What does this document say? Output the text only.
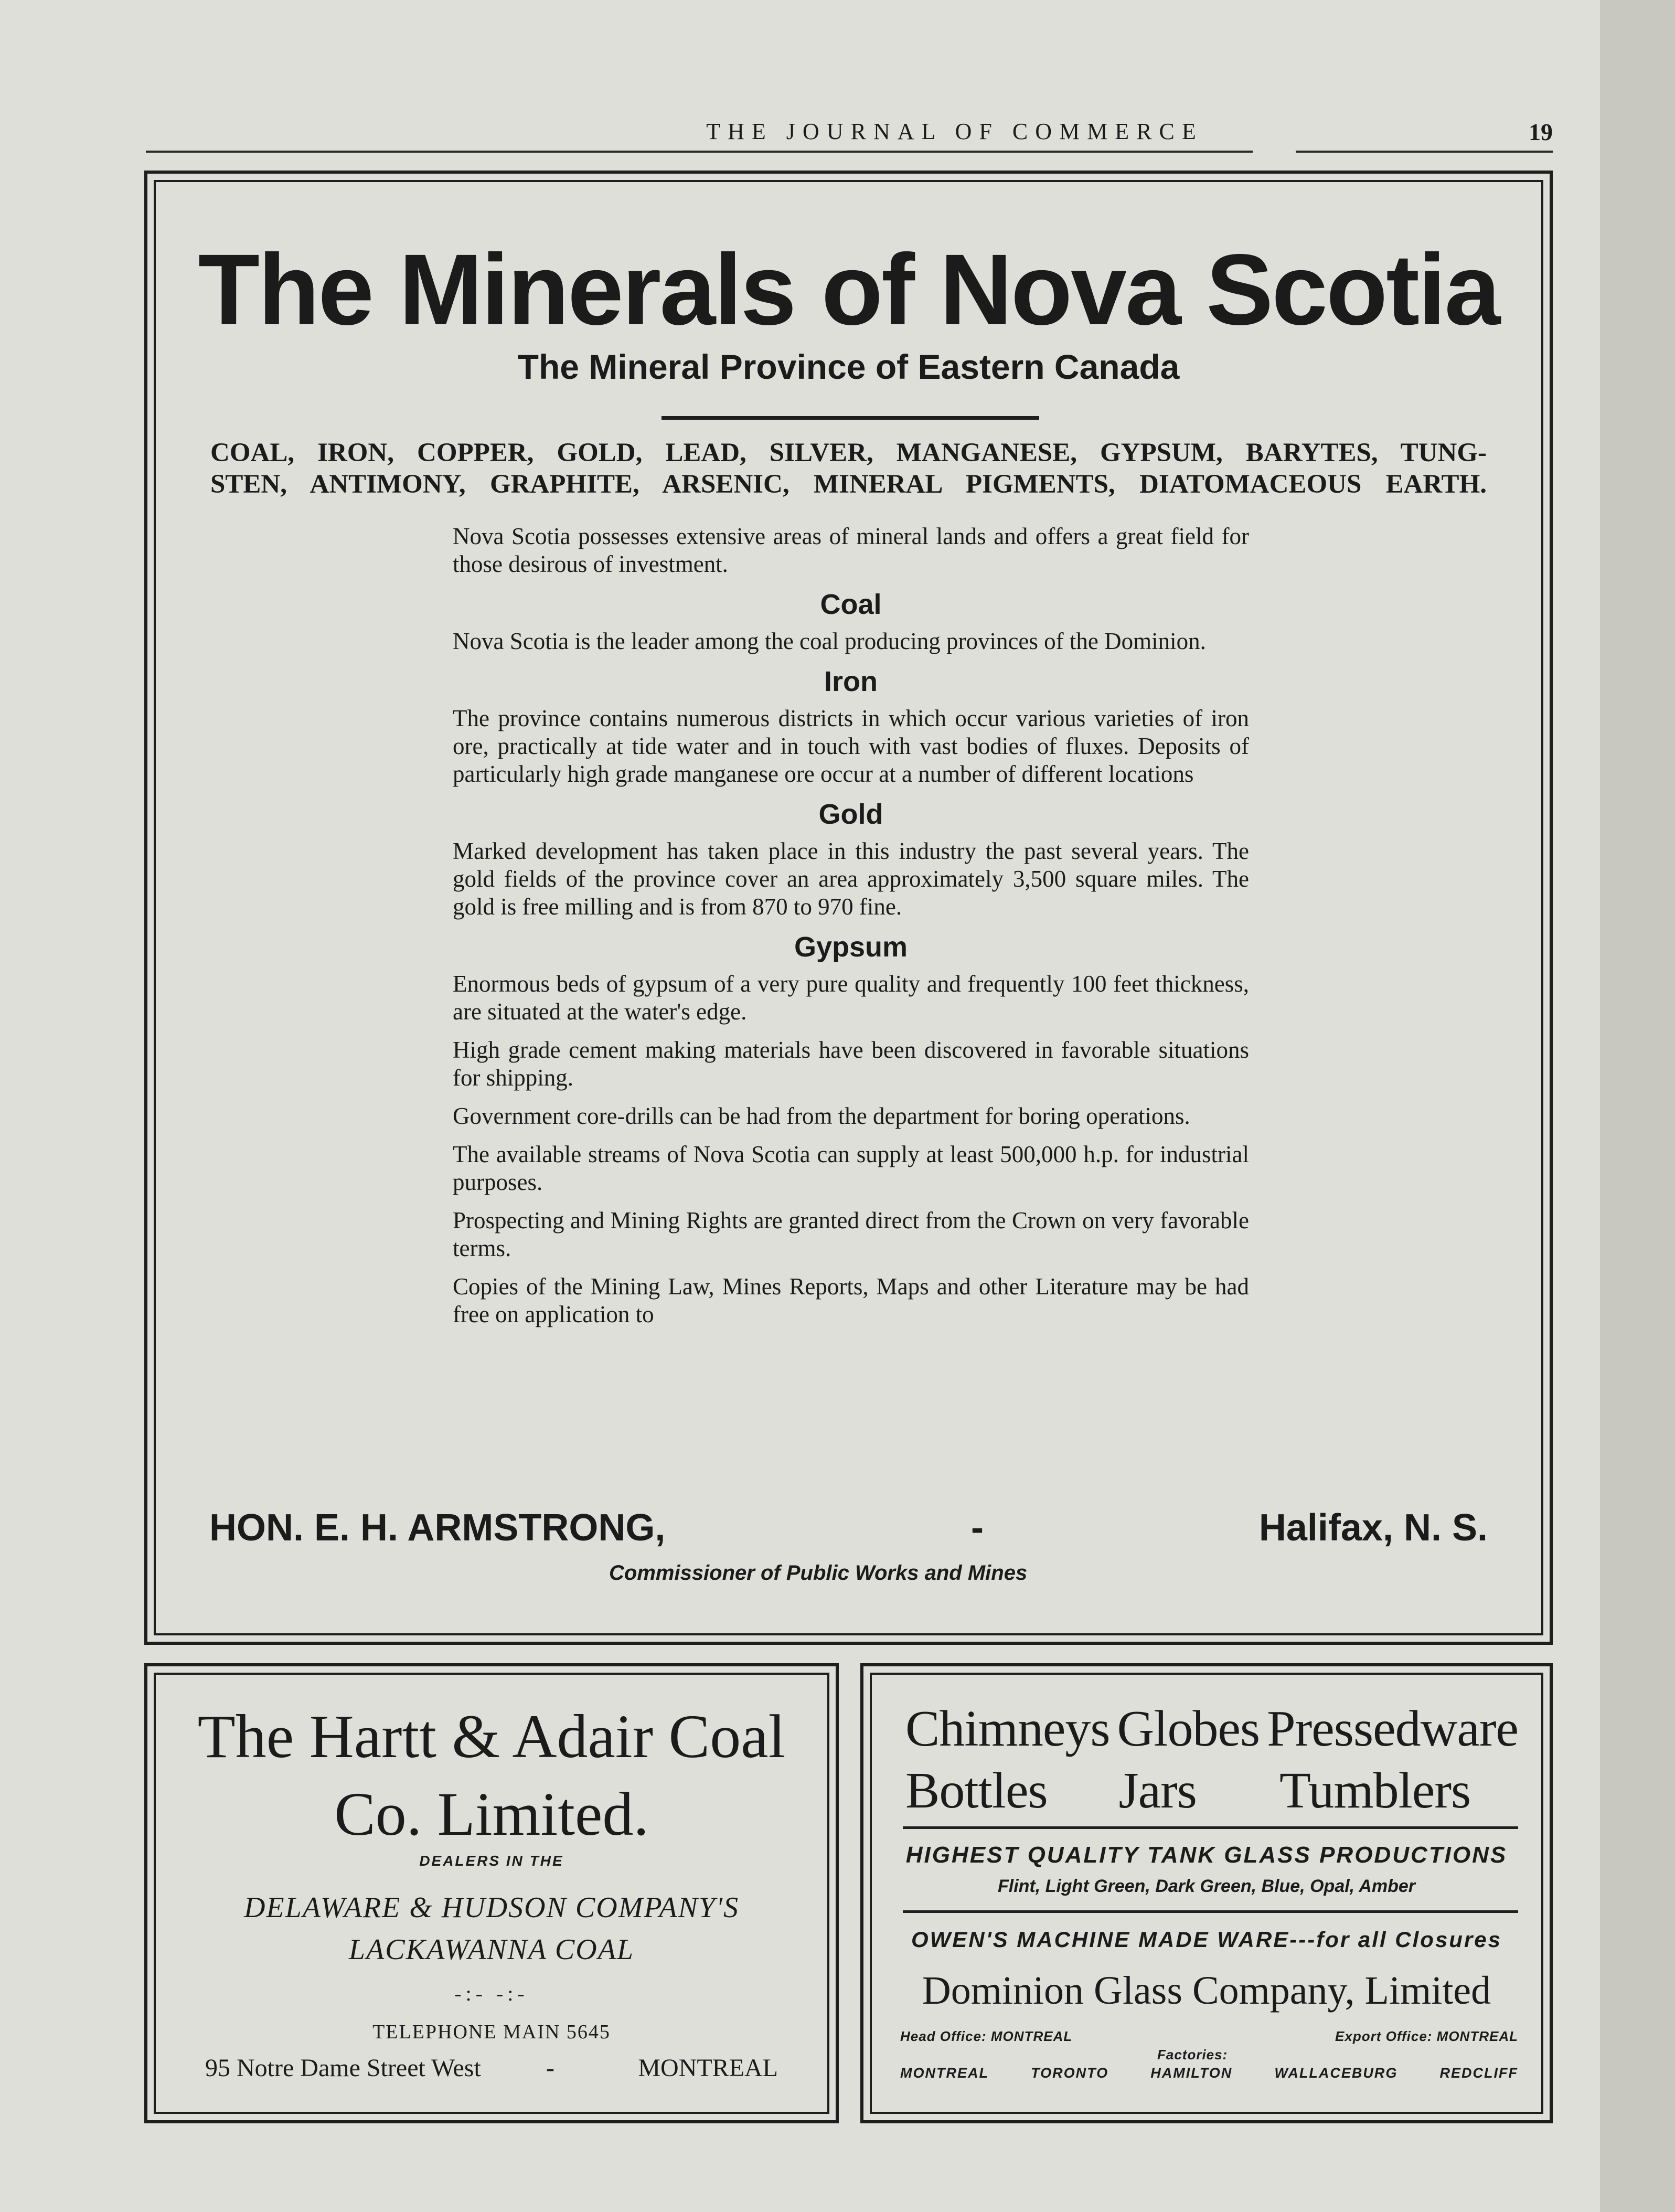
THE JOURNAL OF COMMERCE	19
The Minerals of Nova Scotia
The Mineral Province of Eastern Canada
COAL, IRON, COPPER, GOLD, LEAD, SILVER, MANGANESE, GYPSUM, BARYTES, TUNG-
STEN, ANTIMONY, GRAPHITE, ARSENIC, MINERAL PIGMENTS, DIATOMACEOUS EARTH.

Nova Scotia possesses extensive areas of mineral lands and offers a great field for those desirous of investment.

Coal

Nova Scotia is the leader among the coal producing provinces of the Dominion.

Iron

The province contains numerous districts in which occur various varieties of iron ore, practically at tide water and in touch with vast bodies of fluxes. Deposits of particularly high grade manganese ore occur at a number of different locations

Gold

Marked development has taken place in this industry the past several years. The gold fields of the province cover an area approximately 3,500 square miles. The gold is free milling and is from 870 to 970 fine.

Gypsum

Enormous beds of gypsum of a very pure quality and frequently 100 feet thickness, are situated at the water's edge.

High grade cement making materials have been discovered in favorable situations for shipping.

Government core-drills can be had from the department for boring operations.

The available streams of Nova Scotia can supply at least 500,000 h.p. for industrial purposes.

Prospecting and Mining Rights are granted direct from the Crown on very favorable terms.

Copies of the Mining Law, Mines Reports, Maps and other Literature may be had free on application to

HON. E. H. ARMSTRONG,	-	Halifax, N. S.
Commissioner of Public Works and Mines
The Hartt & Adair Coal
Co. Limited.
DEALERS IN THE
DELAWARE & HUDSON COMPANY'S
LACKAWANNA COAL
-:- -:-
TELEPHONE MAIN 5645
95 Notre Dame Street West	-	MONTREAL
Chimneys Globes Pressedware
Bottles	Jars	Tumblers
HIGHEST QUALITY TANK GLASS PRODUCTIONS
Flint, Light Green, Dark Green, Blue, Opal, Amber
OWEN'S MACHINE MADE WARE---for all Closures
Dominion Glass Company, Limited
Head Office: MONTREAL
Factories:
Export Office: MONTREAL
MONTREAL	TORONTO	HAMILTON	WALLACEBURG	REDCLIFF
